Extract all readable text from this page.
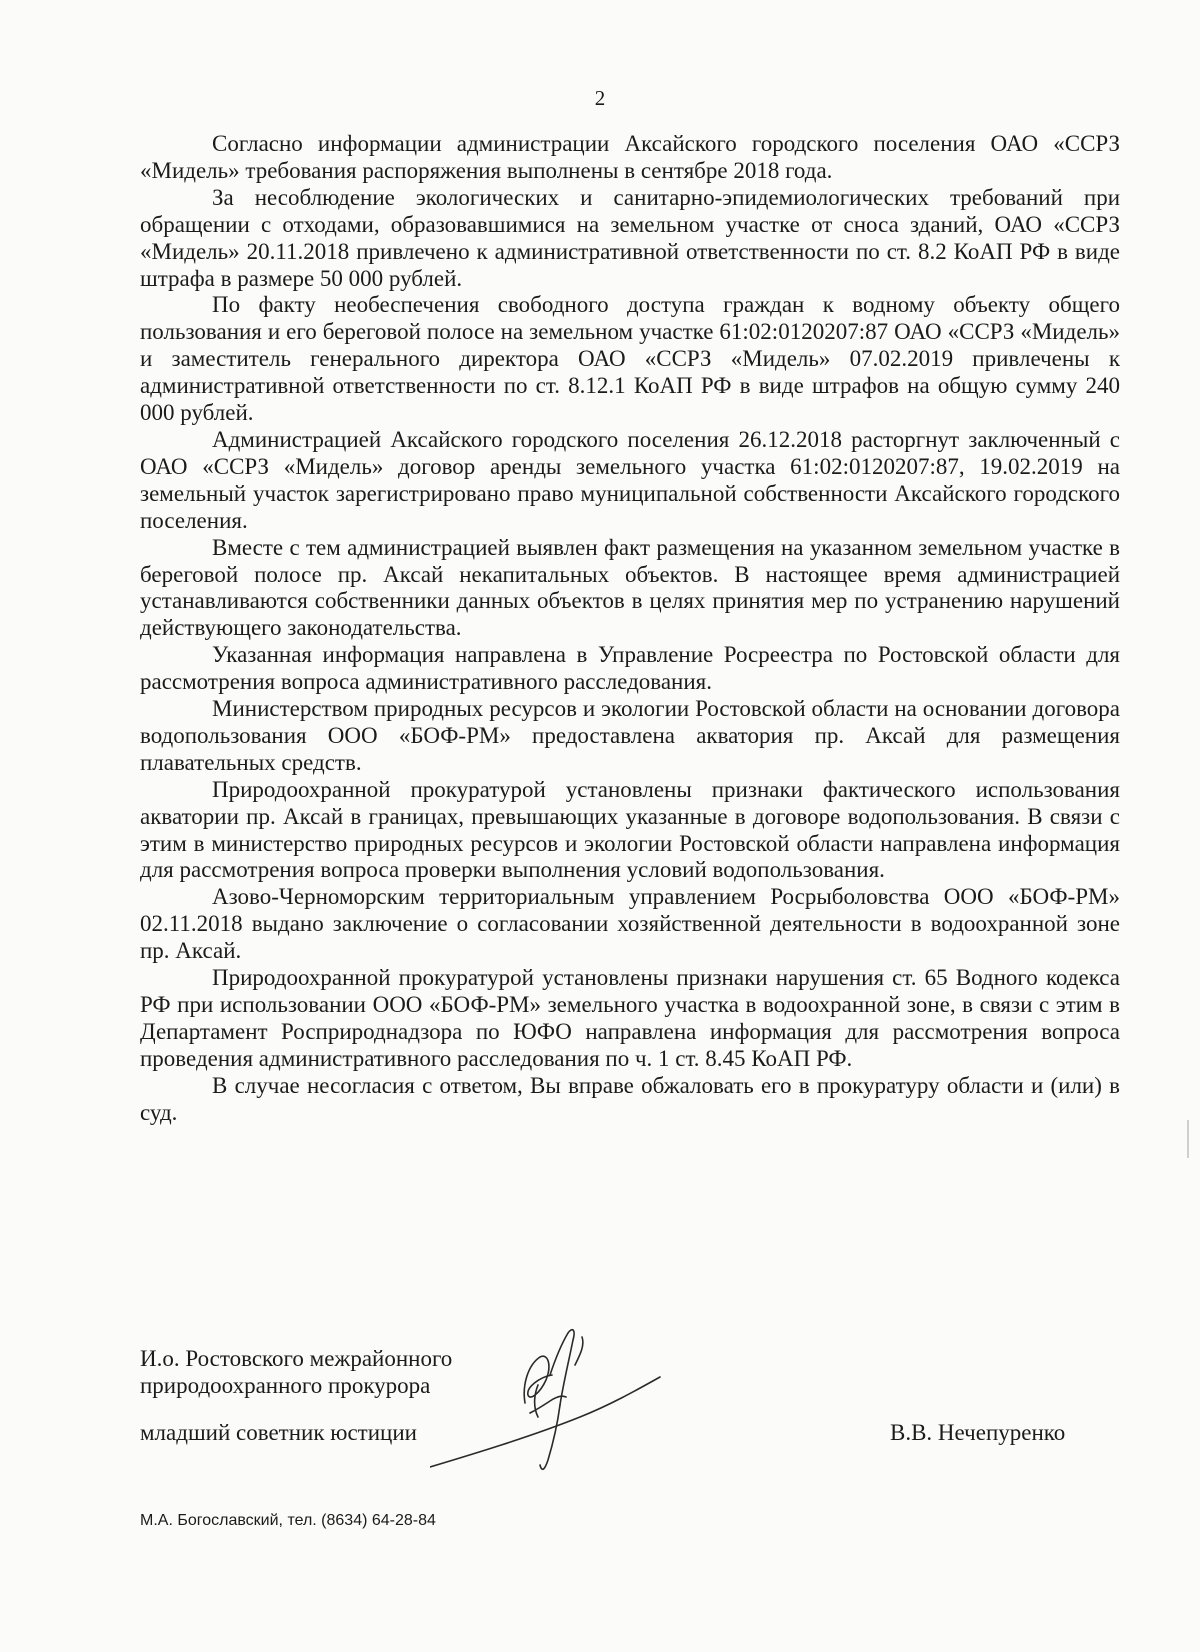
2

Согласно информации администрации Аксайского городского поселения ОАО «ССРЗ «Мидель» требования распоряжения выполнены в сентябре 2018 года.

За несоблюдение экологических и санитарно-эпидемиологических требований при обращении с отходами, образовавшимися на земельном участке от сноса зданий, ОАО «ССРЗ «Мидель» 20.11.2018 привлечено к административной ответственности по ст. 8.2 КоАП РФ в виде штрафа в размере 50 000 рублей.

По факту необеспечения свободного доступа граждан к водному объекту общего пользования и его береговой полосе на земельном участке 61:02:0120207:87 ОАО «ССРЗ «Мидель» и заместитель генерального директора ОАО «ССРЗ «Мидель» 07.02.2019 привлечены к административной ответственности по ст. 8.12.1 КоАП РФ в виде штрафов на общую сумму 240 000 рублей.

Администрацией Аксайского городского поселения 26.12.2018 расторгнут заключенный с ОАО «ССРЗ «Мидель» договор аренды земельного участка 61:02:0120207:87, 19.02.2019 на земельный участок зарегистрировано право муниципальной собственности Аксайского городского поселения.

Вместе с тем администрацией выявлен факт размещения на указанном земельном участке в береговой полосе пр. Аксай некапитальных объектов. В настоящее время администрацией устанавливаются собственники данных объектов в целях принятия мер по устранению нарушений действующего законодательства.

Указанная информация направлена в Управление Росреестра по Ростовской области для рассмотрения вопроса административного расследования.

Министерством природных ресурсов и экологии Ростовской области на основании договора водопользования ООО «БОФ-РМ» предоставлена акватория пр. Аксай для размещения плавательных средств.

Природоохранной прокуратурой установлены признаки фактического использования акватории пр. Аксай в границах, превышающих указанные в договоре водопользования. В связи с этим в министерство природных ресурсов и экологии Ростовской области направлена информация для рассмотрения вопроса проверки выполнения условий водопользования.

Азово-Черноморским территориальным управлением Росрыболовства ООО «БОФ-РМ» 02.11.2018 выдано заключение о согласовании хозяйственной деятельности в водоохранной зоне пр. Аксай.

Природоохранной прокуратурой установлены признаки нарушения ст. 65 Водного кодекса РФ при использовании ООО «БОФ-РМ» земельного участка в водоохранной зоне, в связи с этим в Департамент Росприроднадзора по ЮФО направлена информация для рассмотрения вопроса проведения административного расследования по ч. 1 ст. 8.45 КоАП РФ.

В случае несогласия с ответом, Вы вправе обжаловать его в прокуратуру области и (или) в суд.

И.о. Ростовского межрайонного
природоохранного прокурора
младший советник юстиции	В.В. Нечепуренко
М.А. Богославский, тел. (8634) 64-28-84
